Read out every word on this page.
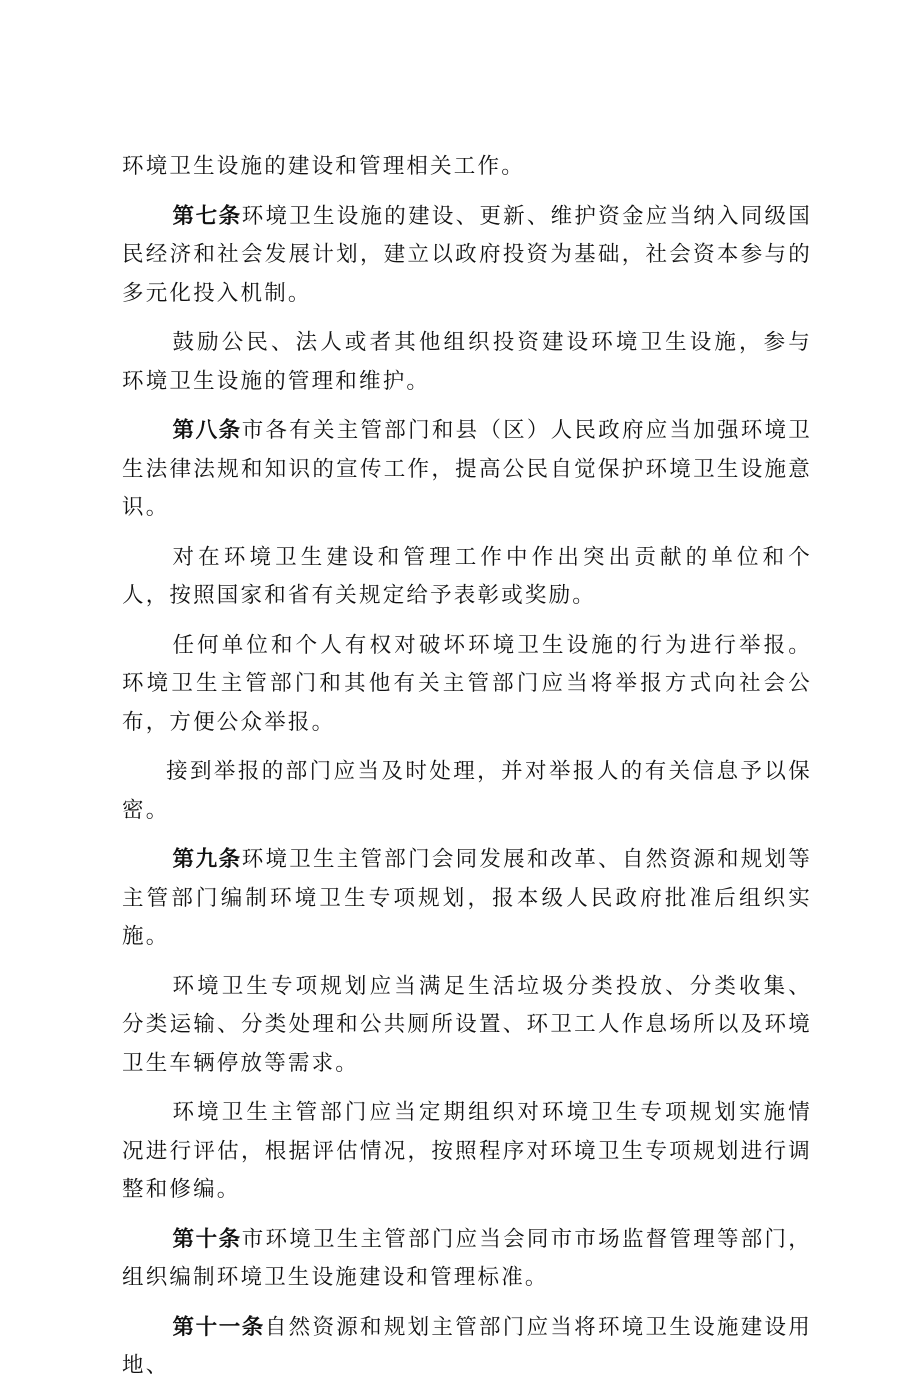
环境卫生设施的建设和管理相关工作。

第七条环境卫生设施的建设、更新、维护资金应当纳入同级国民经济和社会发展计划，建立以政府投资为基础，社会资本参与的多元化投入机制。

鼓励公民、法人或者其他组织投资建设环境卫生设施，参与环境卫生设施的管理和维护。

第八条市各有关主管部门和县（区）人民政府应当加强环境卫生法律法规和知识的宣传工作，提高公民自觉保护环境卫生设施意识。

对在环境卫生建设和管理工作中作出突出贡献的单位和个人，按照国家和省有关规定给予表彰或奖励。

任何单位和个人有权对破坏环境卫生设施的行为进行举报。环境卫生主管部门和其他有关主管部门应当将举报方式向社会公布，方便公众举报。

接到举报的部门应当及时处理，并对举报人的有关信息予以保密。

第九条环境卫生主管部门会同发展和改革、自然资源和规划等主管部门编制环境卫生专项规划，报本级人民政府批准后组织实施。

环境卫生专项规划应当满足生活垃圾分类投放、分类收集、分类运输、分类处理和公共厕所设置、环卫工人作息场所以及环境卫生车辆停放等需求。

环境卫生主管部门应当定期组织对环境卫生专项规划实施情况进行评估，根据评估情况，按照程序对环境卫生专项规划进行调整和修编。

第十条市环境卫生主管部门应当会同市市场监督管理等部门，组织编制环境卫生设施建设和管理标准。

第十一条自然资源和规划主管部门应当将环境卫生设施建设用地、
